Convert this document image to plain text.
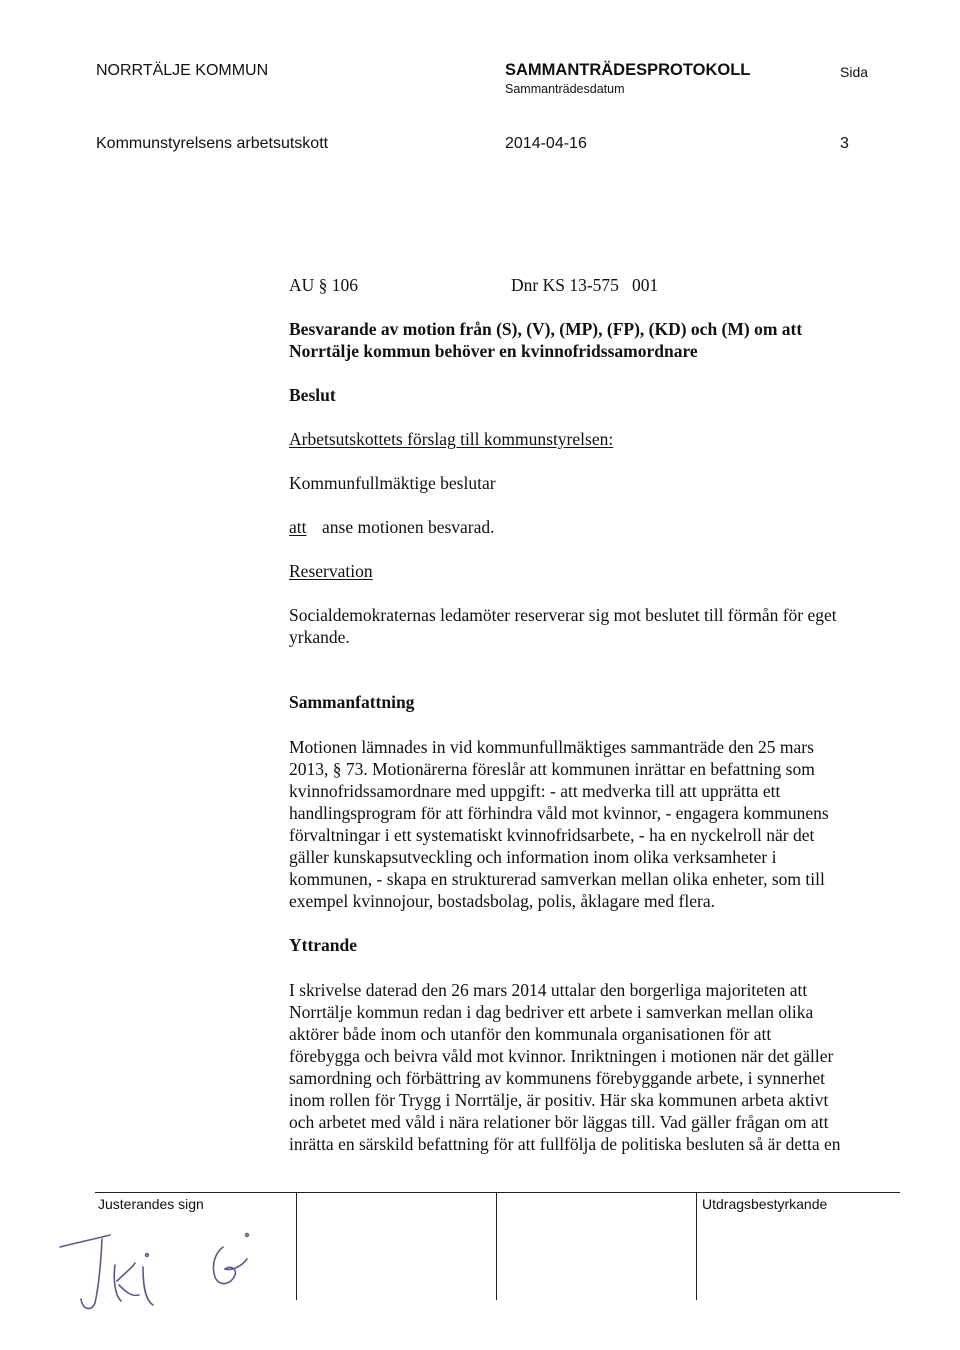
NORRTÄLJE KOMMUN	SAMMANTRÄDESPROTOKOLL
Sammanträdesdatum
Sida
Kommunstyrelsens arbetsutskott	2014-04-16	3
AU § 106	Dnr KS 13-575   001
Besvarande av motion från (S), (V), (MP), (FP), (KD) och (M) om att
Norrtälje kommun behöver en kvinnofridssamordnare
Beslut
Arbetsutskottets förslag till kommunstyrelsen:
Kommunfullmäktige beslutar
att anse motionen besvarad.
Reservation
Socialdemokraternas ledamöter reserverar sig mot beslutet till förmån för eget
yrkande.
Sammanfattning
Motionen lämnades in vid kommunfullmäktiges sammanträde den 25 mars
2013, § 73. Motionärerna föreslår att kommunen inrättar en befattning som
kvinnofridssamordnare med uppgift: - att medverka till att upprätta ett
handlingsprogram för att förhindra våld mot kvinnor, - engagera kommunens
förvaltningar i ett systematiskt kvinnofridsarbete, - ha en nyckelroll när det
gäller kunskapsutveckling och information inom olika verksamheter i
kommunen, - skapa en strukturerad samverkan mellan olika enheter, som till
exempel kvinnojour, bostadsbolag, polis, åklagare med flera.
Yttrande
I skrivelse daterad den 26 mars 2014 uttalar den borgerliga majoriteten att
Norrtälje kommun redan i dag bedriver ett arbete i samverkan mellan olika
aktörer både inom och utanför den kommunala organisationen för att
förebygga och beivra våld mot kvinnor. Inriktningen i motionen när det gäller
samordning och förbättring av kommunens förebyggande arbete, i synnerhet
inom rollen för Trygg i Norrtälje, är positiv. Här ska kommunen arbeta aktivt
och arbetet med våld i nära relationer bör läggas till. Vad gäller frågan om att
inrätta en särskild befattning för att fullfölja de politiska besluten så är detta en
Justerandes sign	Utdragsbestyrkande
